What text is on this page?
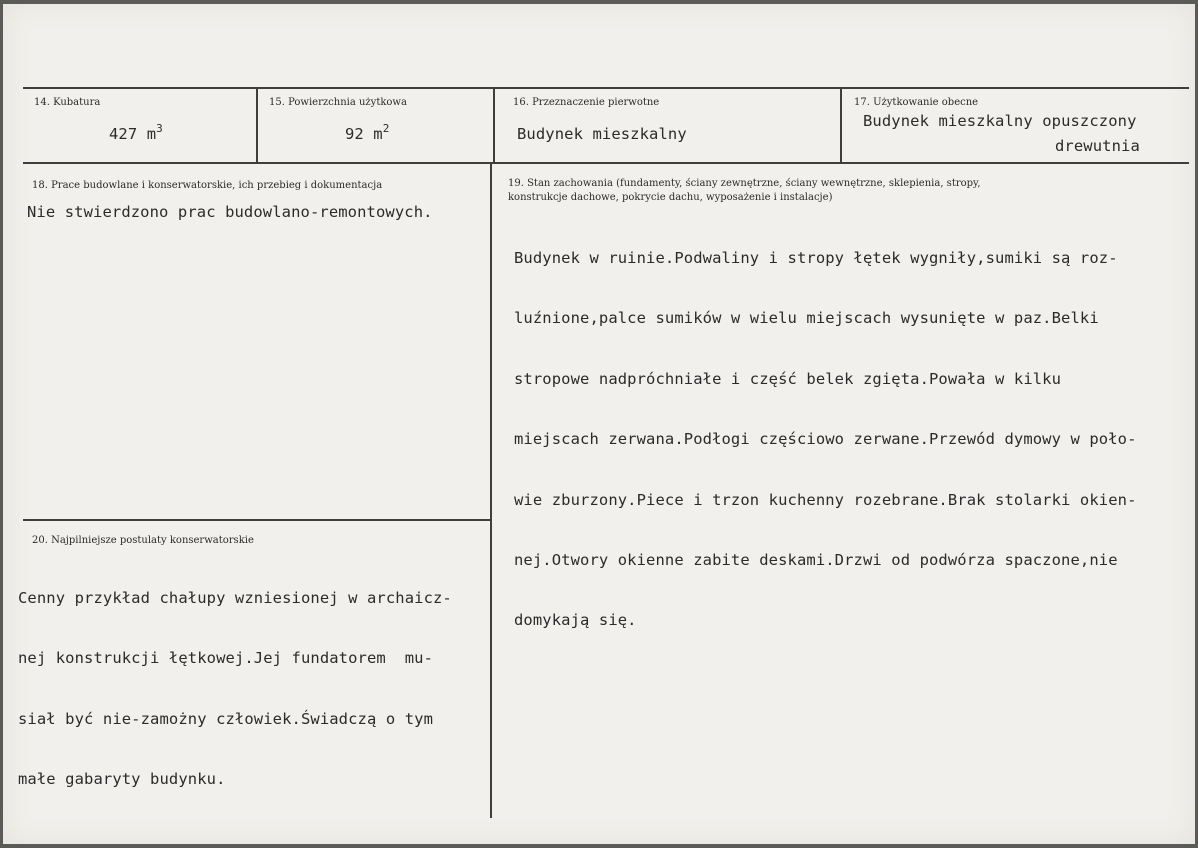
14. Kubatura
427 $m^3$
15. Powierzchnia użytkowa
92 $m^2$
16. Przeznaczenie pierwotne
Budynek mieszkalny
17. Użytkowanie obecne
Budynek mieszkalny opuszczony
drewutnia
18. Prace budowlane i konserwatorskie, ich przebieg i dokumentacja
Nie stwierdzono prac budowlano-remontowych.
19. Stan zachowania (fundamenty, ściany zewnętrzne, ściany wewnętrzne, sklepienia, stropy,
konstrukcje dachowe, pokrycie dachu, wyposażenie i instalacje)

Budynek w ruinie.Podwaliny i stropy łętek wygniły,sumiki są roz-

luźnione,palce sumików w wielu miejscach wysunięte w paz.Belki

stropowe nadpróchniałe i część belek zgięta.Powała w kilku

miejscach zerwana.Podłogi częściowo zerwane.Przewód dymowy w poło-

wie zburzony.Piece i trzon kuchenny rozebrane.Brak stolarki okien-

nej.Otwory okienne zabite deskami.Drzwi od podwórza spaczone,nie

domykają się.

20. Najpilniejsze postulaty konserwatorskie

Cenny przykład chałupy wzniesionej w archaicz-

nej konstrukcji łętkowej.Jej fundatorem  mu-

siał być nie-zamożny człowiek.Świadczą o tym

małe gabaryty budynku.
